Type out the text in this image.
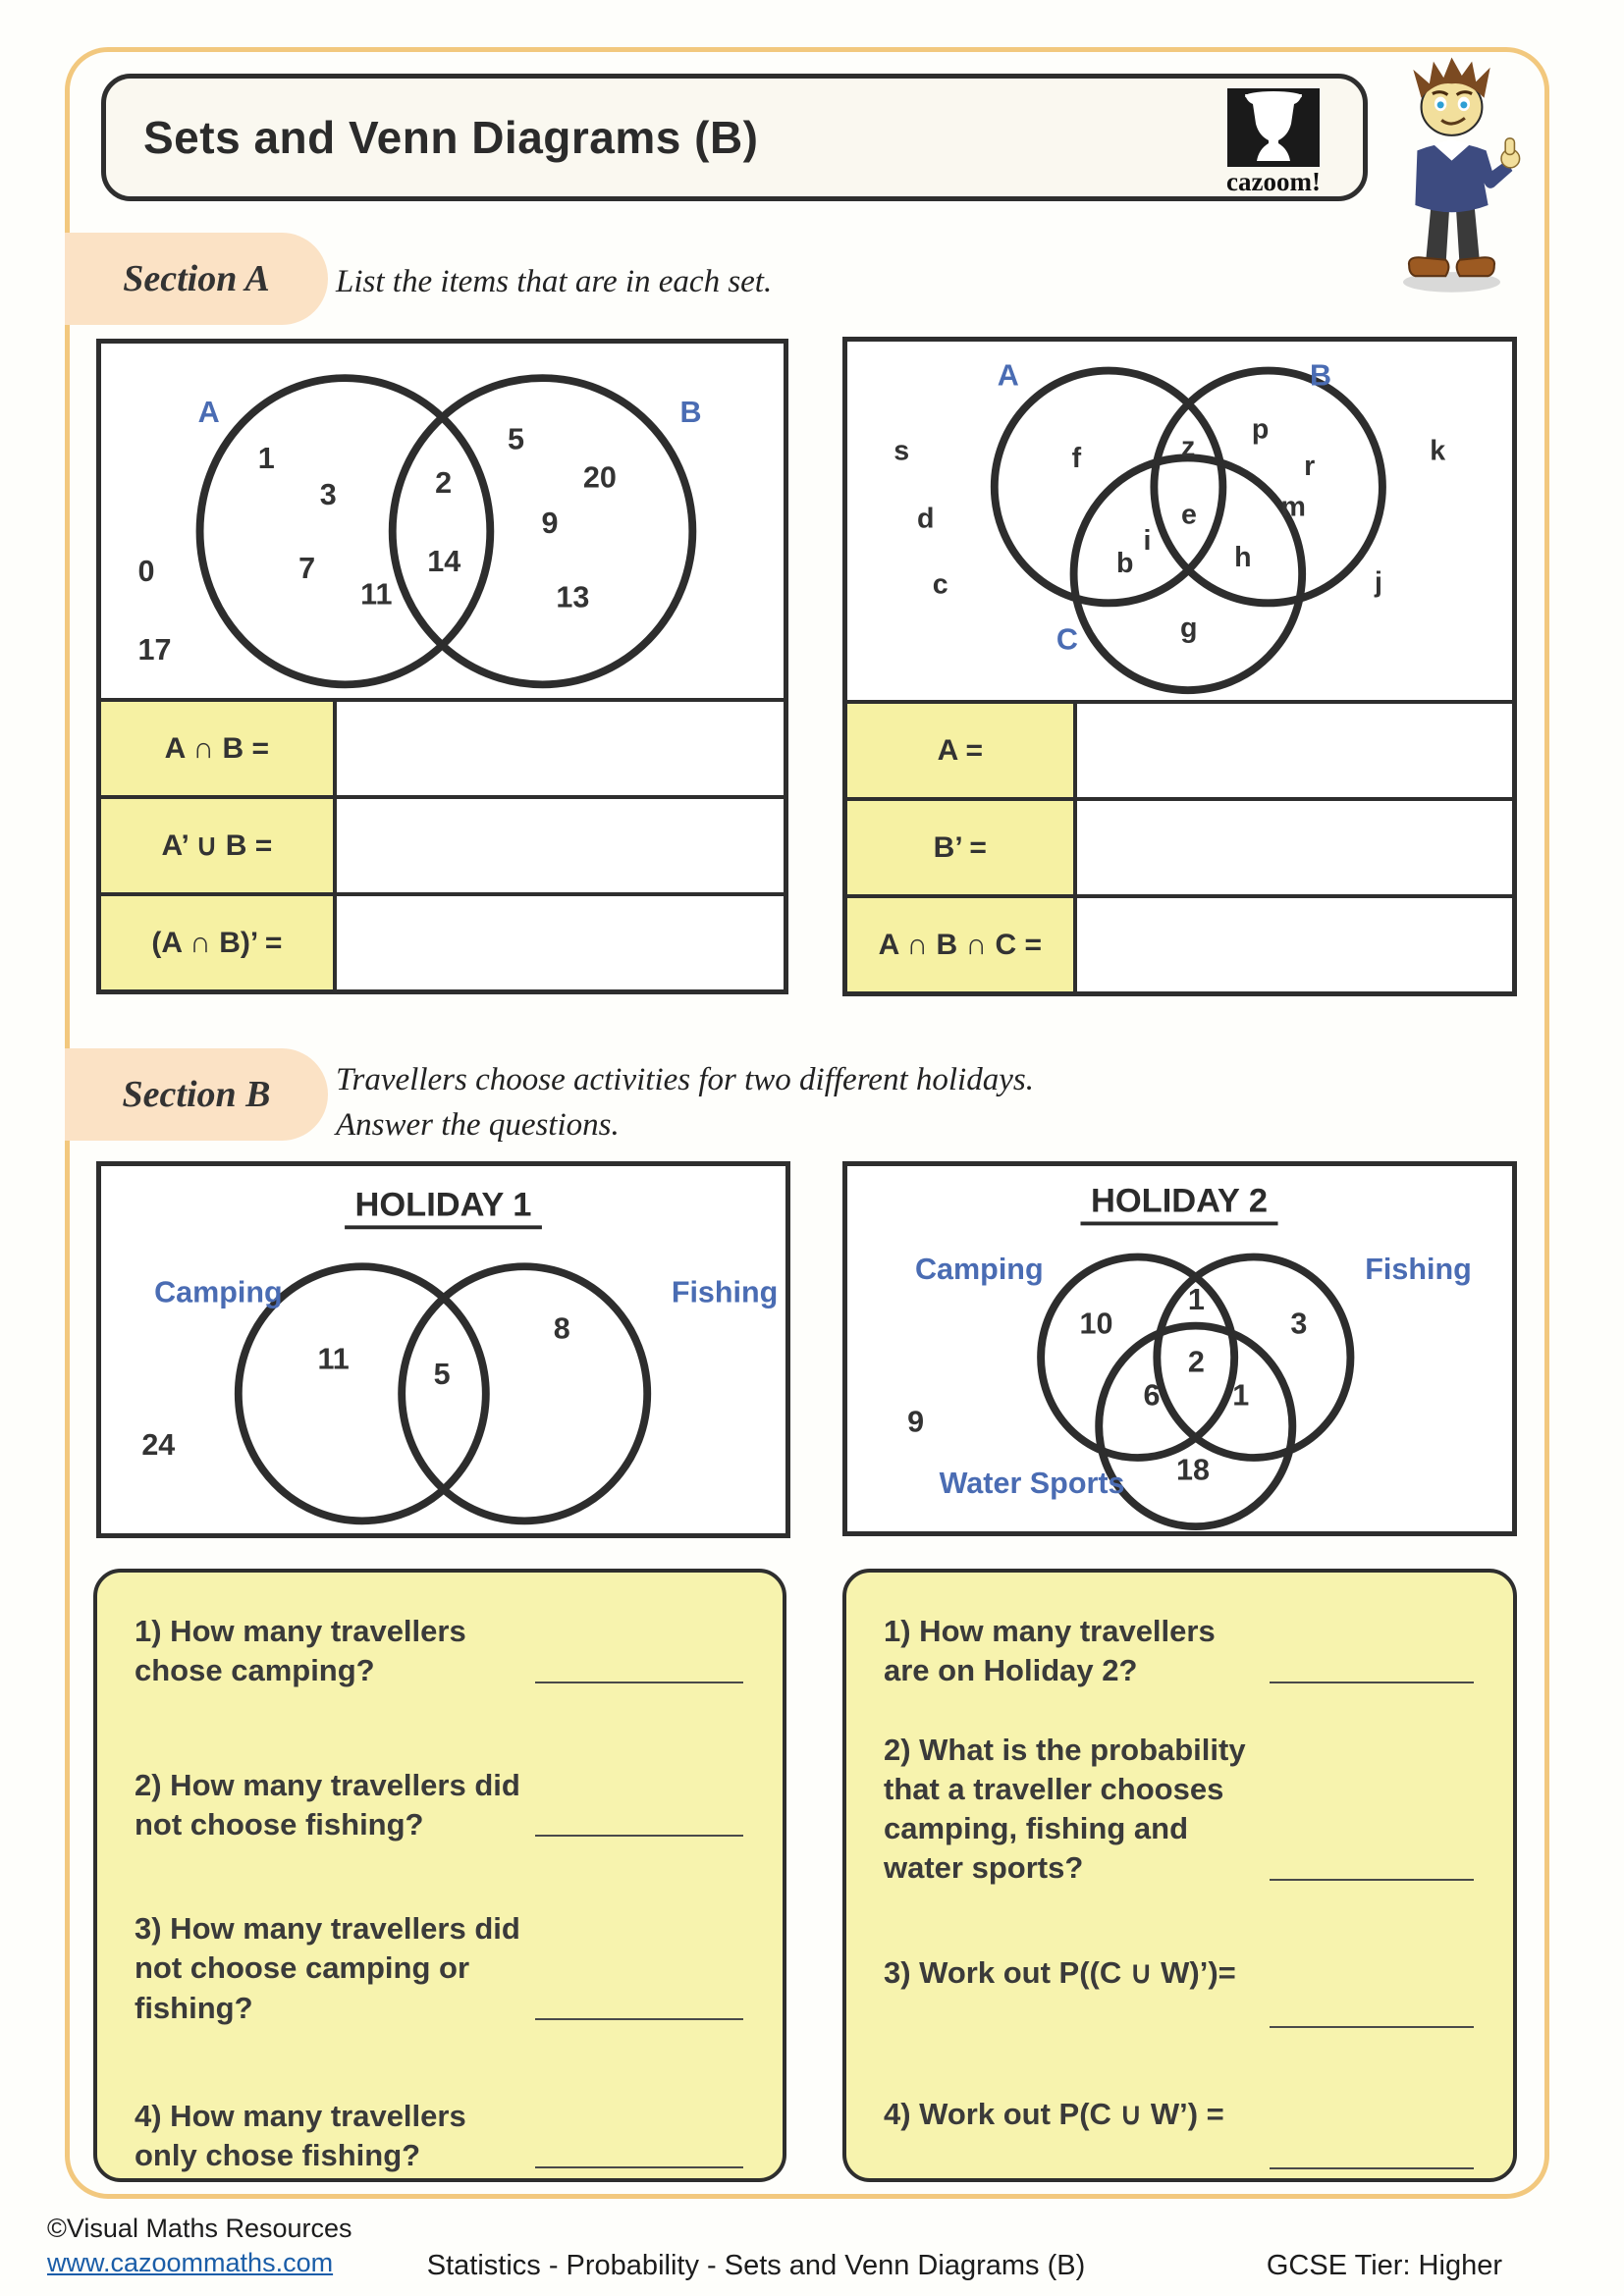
Sets and Venn Diagrams (B)
cazoom!
Section A List the items that are in each set.
A	B
1
3
7
11
2
14
5
20
9
13
0
17
A ∩ B =
A’ ∪ B =
(A ∩ B)’ =
A	B
C
f	z
p
r
m
i
b
e
h
g
s
d
c
k
j
A =
B’ =
A ∩ B ∩ C =
Section B Travellers choose activities for two different holidays.
Answer the questions.
HOLIDAY 1
Camping	Fishing
11	5
8
24
HOLIDAY 2
Camping	Fishing
Water Sports
10
1
3
2
6 1
18
9
1) How many travellers chose camping?
2) How many travellers did not choose fishing?
3) How many travellers did not choose camping or fishing?
4) How many travellers only chose fishing?
1) How many travellers are on Holiday 2?
2) What is the probability that a traveller chooses camping, fishing and water sports?
3) Work out P((C ∪ W)’)=
4) Work out P(C ∪ W’) =
©Visual Maths Resources
www.cazoommaths.com	Statistics - Probability - Sets and Venn Diagrams (B)	GCSE Tier: Higher
